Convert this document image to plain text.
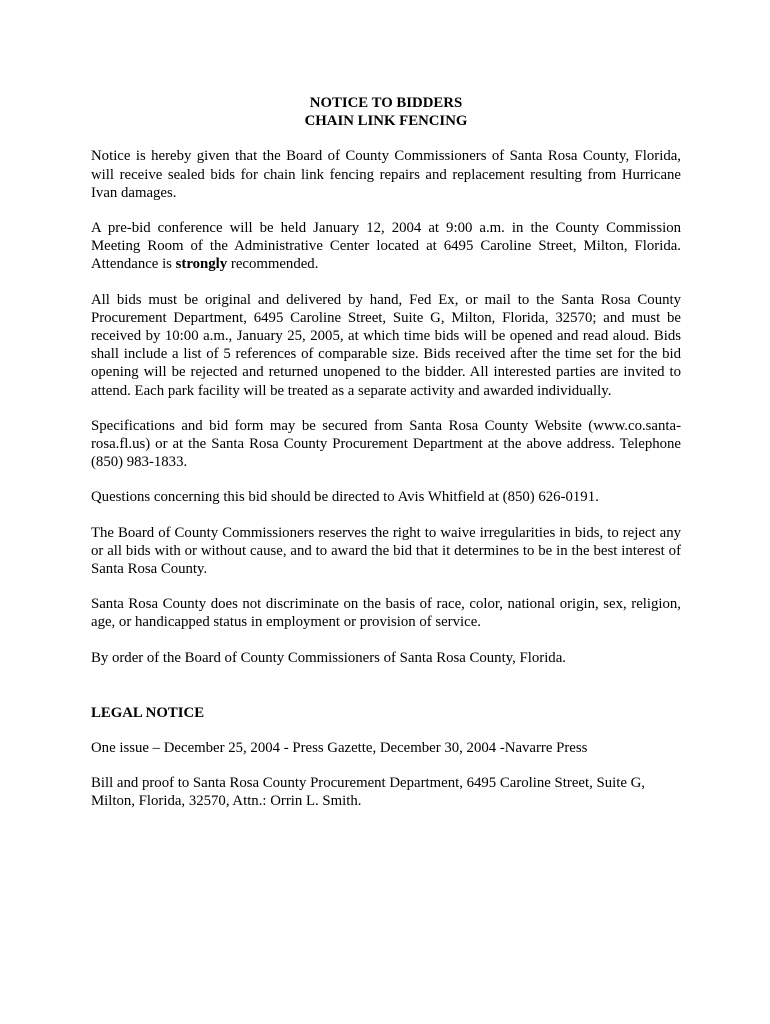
NOTICE TO BIDDERS
CHAIN LINK FENCING

Notice is hereby given that the Board of County Commissioners of Santa Rosa County, Florida, will receive sealed bids for chain link fencing repairs and replacement resulting from Hurricane Ivan damages.

A pre-bid conference will be held January 12, 2004 at 9:00 a.m. in the County Commission Meeting Room of the Administrative Center located at 6495 Caroline Street, Milton, Florida. Attendance is strongly recommended.

All bids must be original and delivered by hand, Fed Ex, or mail to the Santa Rosa County Procurement Department, 6495 Caroline Street, Suite G, Milton, Florida, 32570; and must be received by 10:00 a.m., January 25, 2005, at which time bids will be opened and read aloud. Bids shall include a list of 5 references of comparable size. Bids received after the time set for the bid opening will be rejected and returned unopened to the bidder. All interested parties are invited to attend. Each park facility will be treated as a separate activity and awarded individually.

Specifications and bid form may be secured from Santa Rosa County Website (www.co.santa-rosa.fl.us) or at the Santa Rosa County Procurement Department at the above address. Telephone (850) 983-1833.

Questions concerning this bid should be directed to Avis Whitfield at (850) 626-0191.

The Board of County Commissioners reserves the right to waive irregularities in bids, to reject any or all bids with or without cause, and to award the bid that it determines to be in the best interest of Santa Rosa County.

Santa Rosa County does not discriminate on the basis of race, color, national origin, sex, religion, age, or handicapped status in employment or provision of service.

By order of the Board of County Commissioners of Santa Rosa County, Florida.

LEGAL NOTICE

One issue – December 25, 2004 - Press Gazette, December 30, 2004 -Navarre Press

Bill and proof to Santa Rosa County Procurement Department, 6495 Caroline Street, Suite G, Milton, Florida, 32570, Attn.: Orrin L. Smith.
